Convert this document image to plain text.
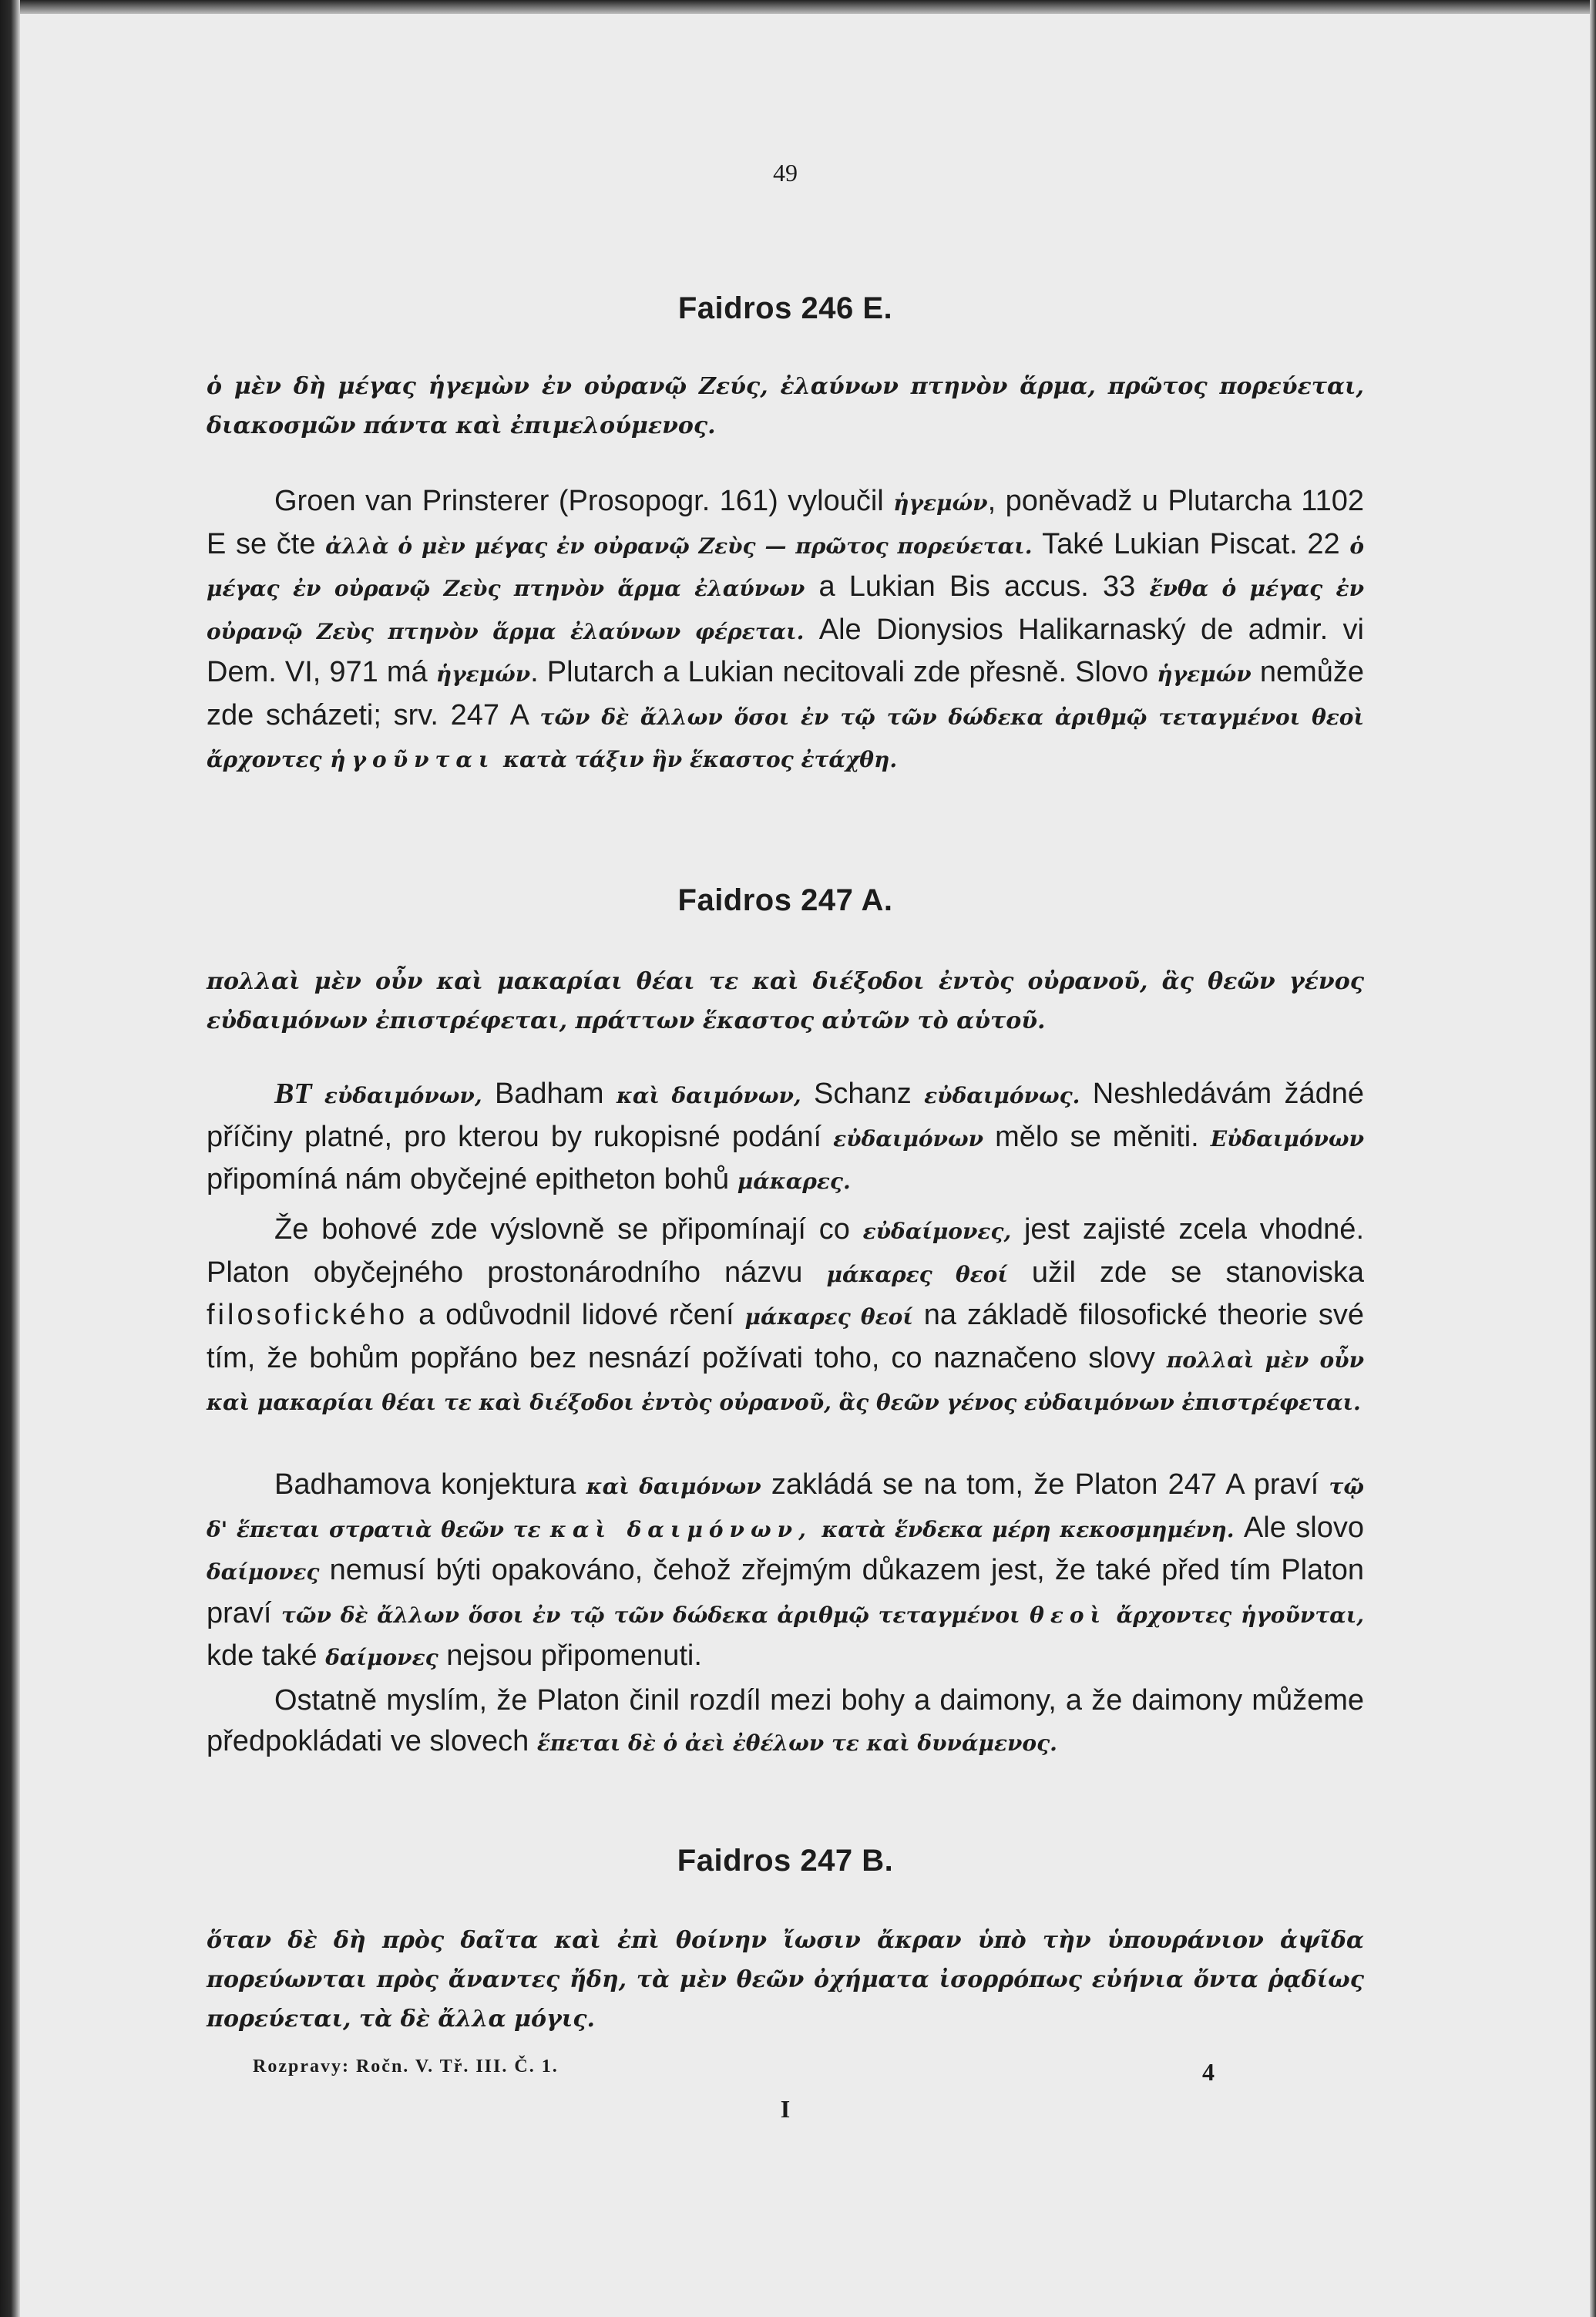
49
Faidros 246 E.
ὁ μὲν δὴ μέγας ἡγεμὼν ἐν οὐρανῷ Ζεύς, ἐλαύνων πτηνὸν ἅρμα, πρῶτος πορεύεται, διακοσμῶν πάντα καὶ ἐπιμελούμενος.
Groen van Prinsterer (Prosopogr. 161) vyloučil ἡγεμών, poněvadž u Plutarcha 1102 E se čte ἀλλὰ ὁ μὲν μέγας ἐν οὐρανῷ Ζεὺς — πρῶτος πορεύεται. Také Lukian Piscat. 22 ὁ μέγας ἐν οὐρανῷ Ζεὺς πτηνὸν ἅρμα ἐλαύνων a Lukian Bis accus. 33 ἔνθα ὁ μέγας ἐν οὐρανῷ Ζεὺς πτηνὸν ἅρμα ἐλαύνων φέρεται. Ale Dionysios Halikarnaský de admir. vi Dem. VI, 971 má ἡγεμών. Plutarch a Lukian necitovali zde přesně. Slovo ἡγεμών nemůže zde scházeti; srv. 247 A τῶν δὲ ἄλλων ὅσοι ἐν τῷ τῶν δώδεκα ἀριθμῷ τεταγμένοι θεοὶ ἄρχοντες ἡγοῦνται κατὰ τάξιν ἣν ἕκαστος ἐτάχθη.
Faidros 247 A.
πολλαὶ μὲν οὖν καὶ μακαρίαι θέαι τε καὶ διέξοδοι ἐντὸς οὐρανοῦ, ἃς θεῶν γένος εὐδαιμόνων ἐπιστρέφεται, πράττων ἕκαστος αὐτῶν τὸ αὑτοῦ.
BT εὐδαιμόνων, Badham καὶ δαιμόνων, Schanz εὐδαιμόνως. Neshledávám žádné příčiny platné, pro kterou by rukopisné podání εὐδαιμόνων mělo se měniti. Εὐδαιμόνων připomíná nám obyčejné epitheton bohů μάκαρες.
Že bohové zde výslovně se připomínají co εὐδαίμονες, jest zajisté zcela vhodné. Platon obyčejného prostonárodního názvu μάκαρες θεοί užil zde se stanoviska filosofického a odůvodnil lidové rčení μάκαρες θεοί na základě filosofické theorie své tím, že bohům popřáno bez nesnází požívati toho, co naznačeno slovy πολλαὶ μὲν οὖν καὶ μακαρίαι θέαι τε καὶ διέξοδοι ἐντὸς οὐρανοῦ, ἃς θεῶν γένος εὐδαιμόνων ἐπιστρέφεται.
Badhamova konjektura καὶ δαιμόνων zakládá se na tom, že Platon 247 A praví τῷ δ' ἕπεται στρατιὰ θεῶν τε καὶ δαιμόνων, κατὰ ἕνδεκα μέρη κεκοσμημένη. Ale slovo δαίμονες nemusí býti opakováno, čehož zřejmým důkazem jest, že také před tím Platon praví τῶν δὲ ἄλλων ὅσοι ἐν τῷ τῶν δώδεκα ἀριθμῷ τεταγμένοι θεοὶ ἄρχοντες ἡγοῦνται, kde také δαίμονες nejsou připomenuti.
Ostatně myslím, že Platon činil rozdíl mezi bohy a daimony, a že daimony můžeme předpokládati ve slovech ἕπεται δὲ ὁ ἀεὶ ἐθέλων τε καὶ δυνάμενος.
Faidros 247 B.
ὅταν δὲ δὴ πρὸς δαῖτα καὶ ἐπὶ θοίνην ἴωσιν ἄκραν ὑπὸ τὴν ὑπουράνιον ἁψῖδα πορεύωνται πρὸς ἄναντες ἤδη, τὰ μὲν θεῶν ὀχήματα ἰσορρόπως εὐήνια ὄντα ῥᾳδίως πορεύεται, τὰ δὲ ἄλλα μόγις.
Rozpravy: Ročn. V. Tř. III. Č. 1.	4
I
